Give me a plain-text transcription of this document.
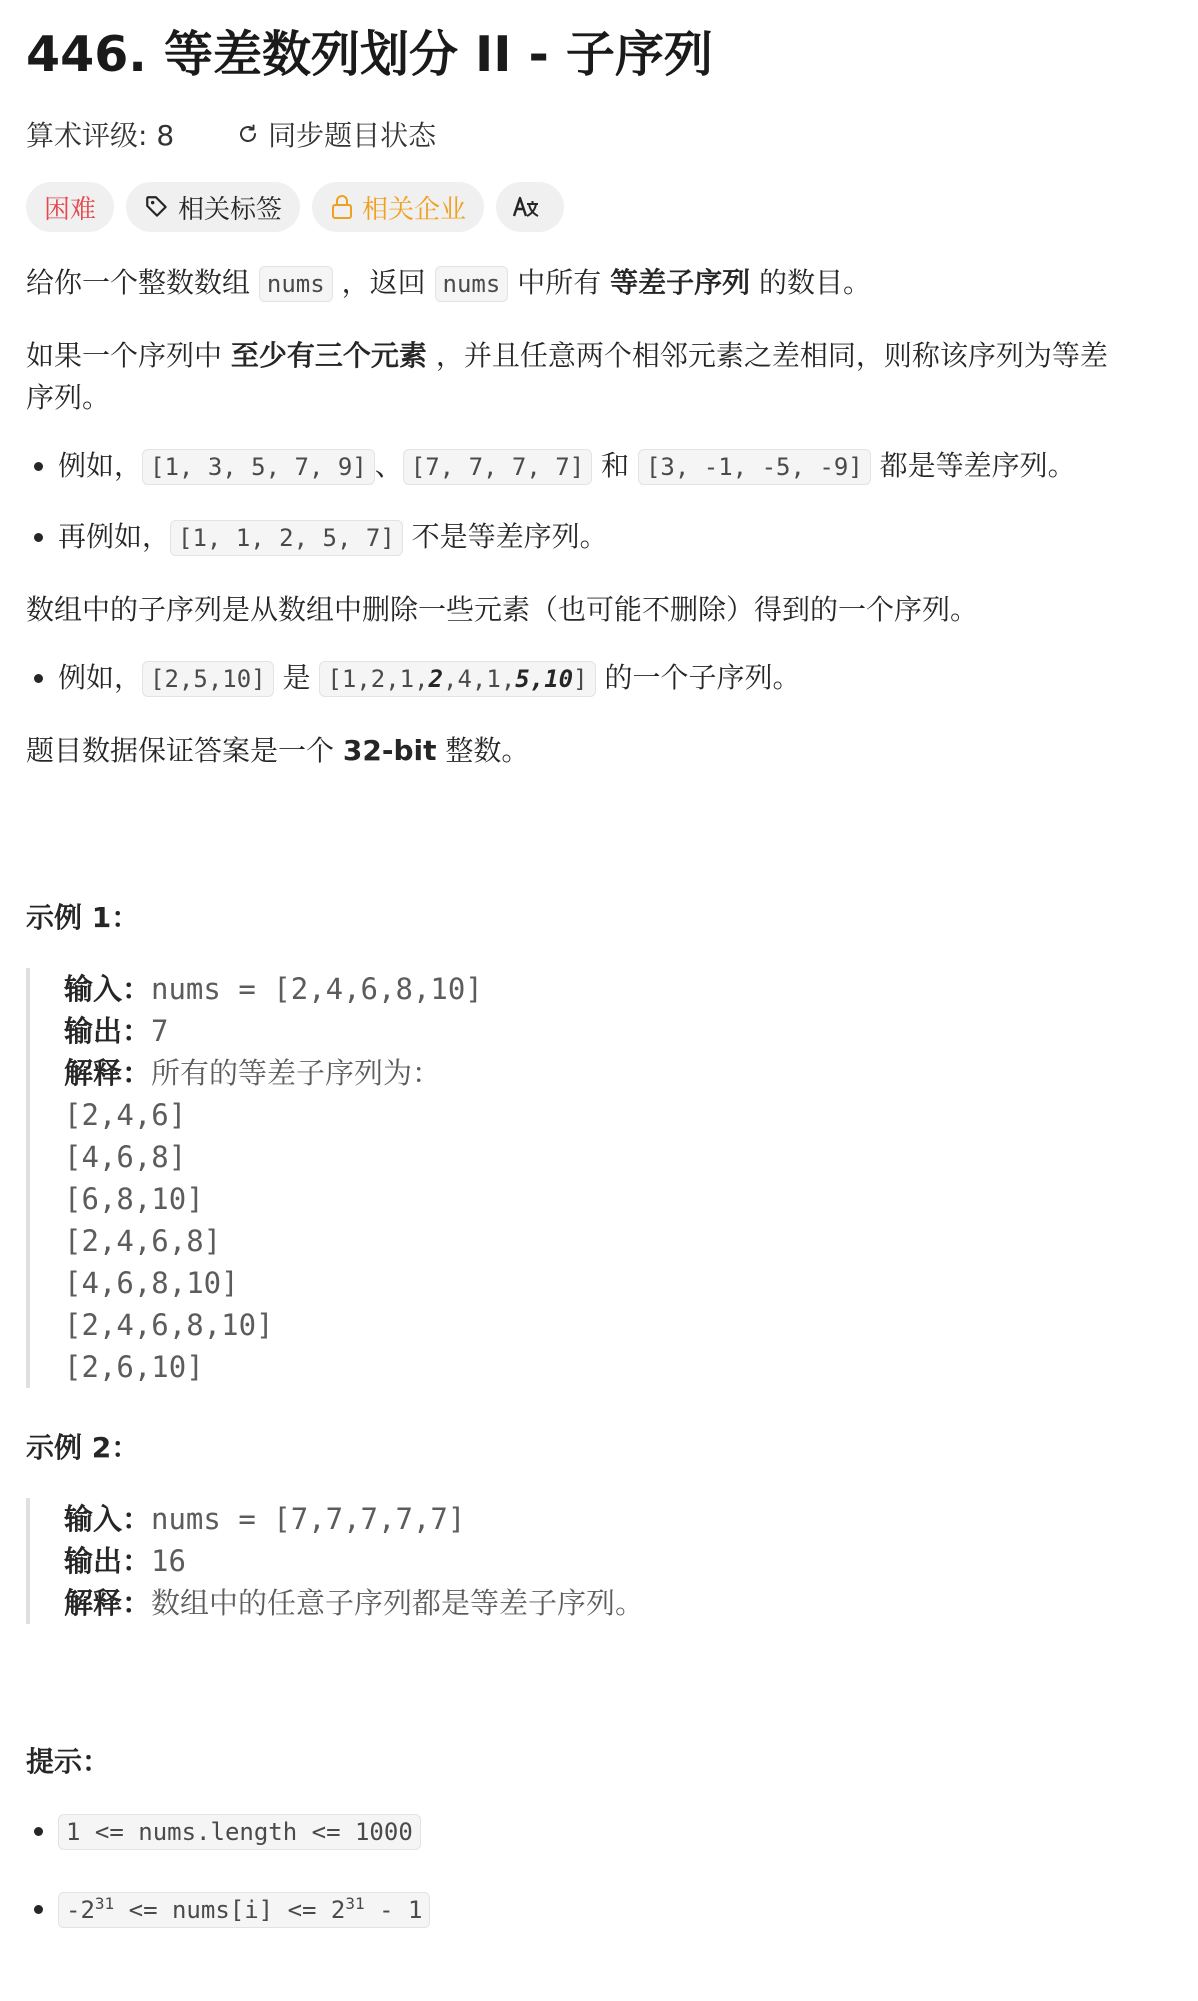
446. 等差数列划分 II - 子序列
算术评级: 8	同步题目状态
困难	相关标签	相关企业
给你一个整数数组 nums ，返回 nums 中所有 等差子序列 的数目。
如果一个序列中 至少有三个元素 ，并且任意两个相邻元素之差相同，则称该序列为等差序列。
• 例如， [1, 3, 5, 7, 9] 、 [7, 7, 7, 7] 和 [3, -1, -5, -9] 都是等差序列。
• 再例如， [1, 1, 2, 5, 7] 不是等差序列。
数组中的子序列是从数组中删除一些元素（也可能不删除）得到的一个序列。
• 例如， [2,5,10] 是 [1,2,1,2,4,1,5,10] 的一个子序列。
题目数据保证答案是一个 32-bit 整数。
示例 1：
输入：nums = [2,4,6,8,10]
输出：7
解释：所有的等差子序列为：
[2,4,6]
[4,6,8]
[6,8,10]
[2,4,6,8]
[4,6,8,10]
[2,4,6,8,10]
[2,6,10]
示例 2：
输入：nums = [7,7,7,7,7]
输出：16
解释：数组中的任意子序列都是等差子序列。
提示：
• 1 <= nums.length <= 1000
• $-2^{31}$ <= nums[i] <= $2^{31} - 1$
